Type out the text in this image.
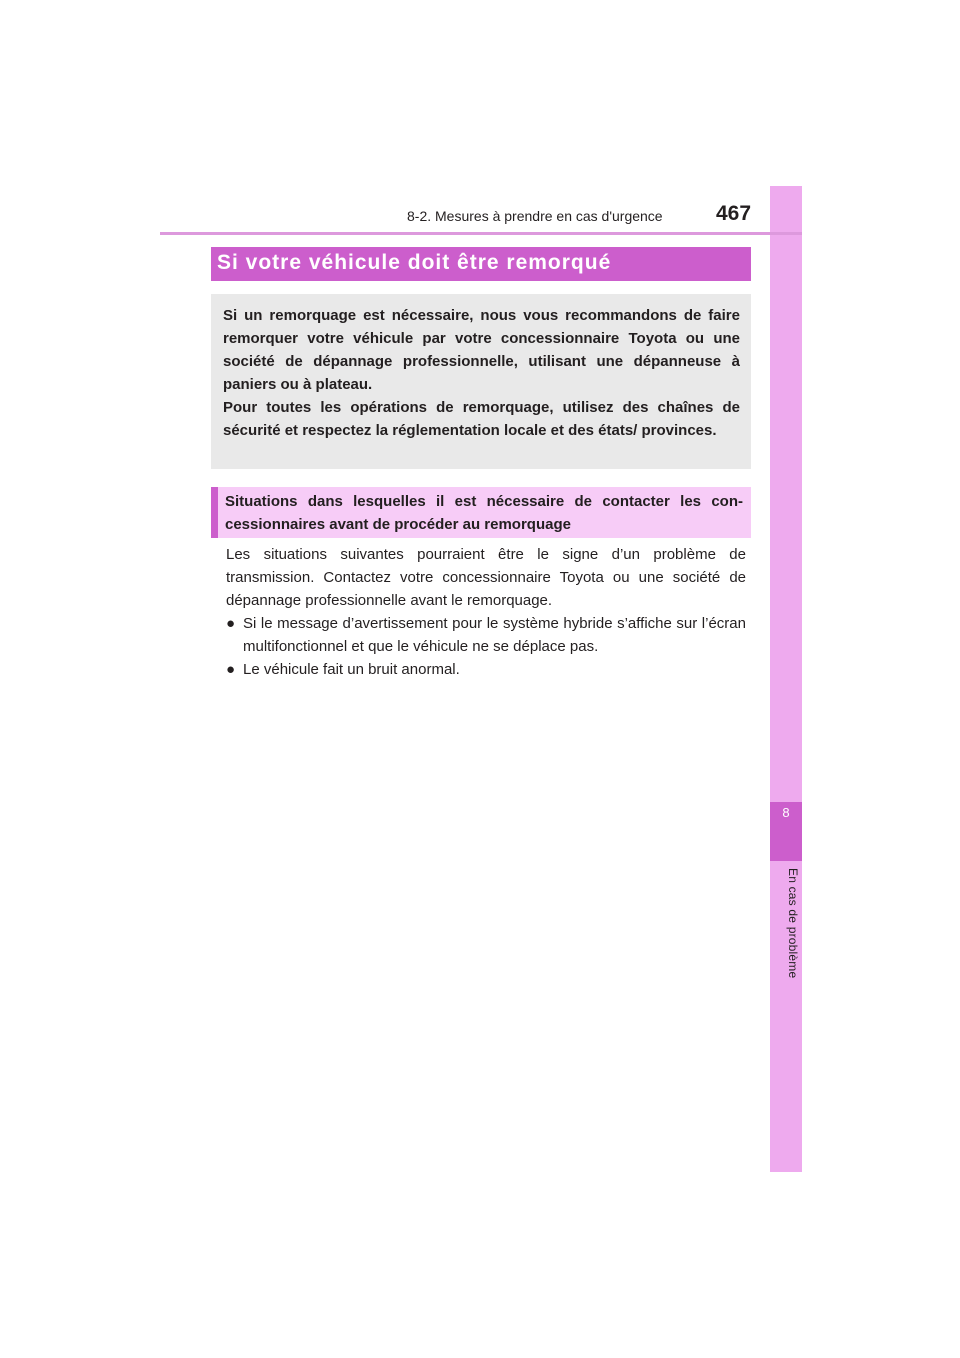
8
En cas de problème
8-2. Mesures à prendre en cas d'urgence	467
Si votre véhicule doit être remorqué

Si un remorquage est nécessaire, nous vous recommandons de faire remorquer votre véhicule par votre concessionnaire Toyota ou une société de dépannage professionnelle, utilisant une dépanneuse à paniers ou à plateau.

Pour toutes les opérations de remorquage, utilisez des chaînes de sécurité et respectez la réglementation locale et des états/ provinces.

Situations dans lesquelles il est nécessaire de contacter les con- cessionnaires avant de procéder au remorquage

Les situations suivantes pourraient être le signe d’un problème de transmission. Contactez votre concessionnaire Toyota ou une société de dépannage professionnelle avant le remorquage.

● Si le message d’avertissement pour le système hybride s’affiche sur l’écran multifonctionnel et que le véhicule ne se déplace pas.
● Le véhicule fait un bruit anormal.
